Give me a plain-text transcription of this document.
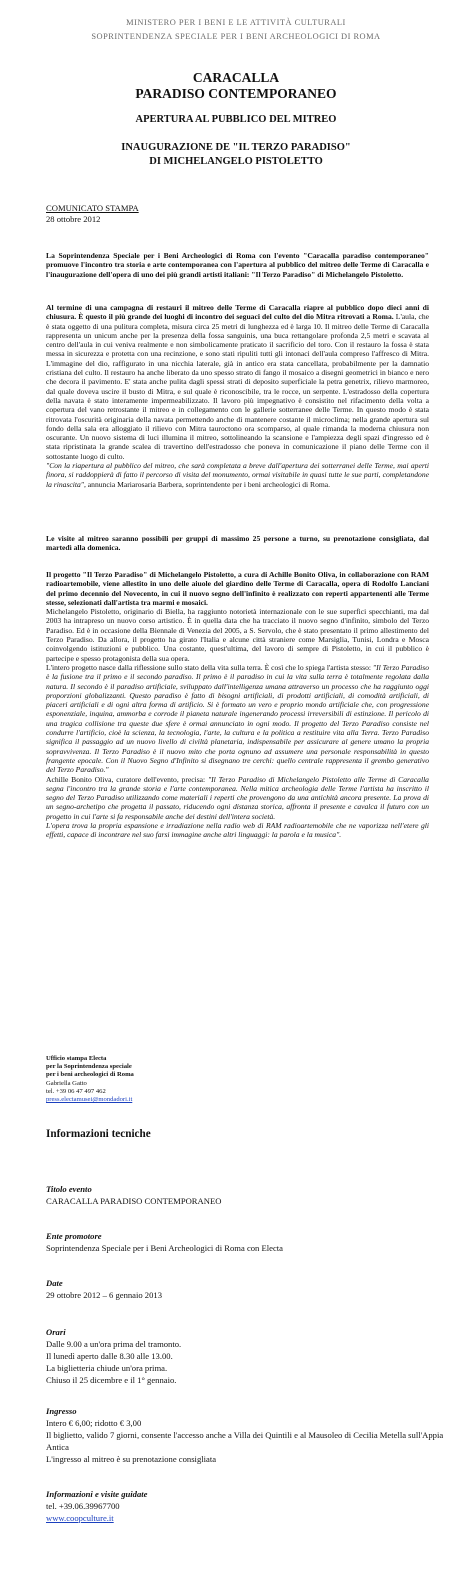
MINISTERO PER I BENI E LE ATTIVITÀ CULTURALI
SOPRINTENDENZA SPECIALE PER I BENI ARCHEOLOGICI DI ROMA
CARACALLA
PARADISO CONTEMPORANEO
APERTURA AL PUBBLICO DEL MITREO
INAUGURAZIONE DE "IL TERZO PARADISO"
DI MICHELANGELO PISTOLETTO
COMUNICATO STAMPA
28 ottobre 2012

La Soprintendenza Speciale per i Beni Archeologici di Roma con l'evento "Caracalla paradiso contemporaneo" promuove l'incontro tra storia e arte contemporanea con l'apertura al pubblico del mitreo delle Terme di Caracalla e l'inaugurazione dell'opera di uno dei più grandi artisti italiani: "Il Terzo Paradiso" di Michelangelo Pistoletto.

Al termine di una campagna di restauri il mitreo delle Terme di Caracalla riapre al pubblico dopo dieci anni di chiusura. È questo il più grande dei luoghi di incontro dei seguaci del culto del dio Mitra ritrovati a Roma. L'aula, che è stata oggetto di una pulitura completa, misura circa 25 metri di lunghezza ed è larga 10. Il mitreo delle Terme di Caracalla rappresenta un unicum anche per la presenza della fossa sanguinis, una buca rettangolare profonda 2,5 metri e scavata al centro dell'aula in cui veniva realmente e non simbolicamente praticato il sacrificio del toro. Con il restauro la fossa è stata messa in sicurezza e protetta con una recinzione, e sono stati ripuliti tutti gli intonaci dell'aula compreso l'affresco di Mitra. L'immagine del dio, raffigurato in una nicchia laterale, già in antico era stata cancellata, probabilmente per la damnatio cristiana del culto. Il restauro ha anche liberato da uno spesso strato di fango il mosaico a disegni geometrici in bianco e nero che decora il pavimento. E' stata anche pulita dagli spessi strati di deposito superficiale la petra genetrix, rilievo marmoreo, dal quale doveva uscire il busto di Mitra, e sul quale è riconoscibile, tra le rocce, un serpente. L'estradosso della copertura della navata è stato interamente impermeabilizzato. Il lavoro più impegnativo è consistito nel rifacimento della volta a copertura del vano retrostante il mitreo e in collegamento con le gallerie sotterranee delle Terme. In questo modo è stata ritrovata l'oscurità originaria della navata permettendo anche di mantenere costante il microclima; nella grande apertura sul fondo della sala era alloggiato il rilievo con Mitra tauroctono ora scomparso, al quale rimanda la moderna chiusura non oscurante. Un nuovo sistema di luci illumina il mitreo, sottolineando la scansione e l'ampiezza degli spazi d'ingresso ed è stata ripristinata la grande scalea di travertino dell'estradosso che poneva in comunicazione il piano delle Terme con il sottostante luogo di culto.

"Con la riapertura al pubblico del mitreo, che sarà completata a breve dall'apertura dei sotterranei delle Terme, mai aperti finora, si raddoppierà di fatto il percorso di visita del monumento, ormai visitabile in quasi tutte le sue parti, completandone la rinascita", annuncia Mariarosaria Barbera, soprintendente per i beni archeologici di Roma.

Le visite al mitreo saranno possibili per gruppi di massimo 25 persone a turno, su prenotazione consigliata, dal martedì alla domenica.

Il progetto "Il Terzo Paradiso" di Michelangelo Pistoletto, a cura di Achille Bonito Oliva, in collaborazione con RAM radioartemobile, viene allestito in uno delle aiuole del giardino delle Terme di Caracalla, opera di Rodolfo Lanciani del primo decennio del Novecento, in cui il nuovo segno dell'infinito è realizzato con reperti appartenenti alle Terme stesse, selezionati dall'artista tra marmi e mosaici.

Michelangelo Pistoletto, originario di Biella, ha raggiunto notorietà internazionale con le sue superfici specchianti, ma dal 2003 ha intrapreso un nuovo corso artistico. È in quella data che ha tracciato il nuovo segno d'infinito, simbolo del Terzo Paradiso. Ed è in occasione della Biennale di Venezia del 2005, a S. Servolo, che è stato presentato il primo allestimento del Terzo Paradiso. Da allora, il progetto ha girato l'Italia e alcune città straniere come Marsiglia, Tunisi, Londra e Mosca coinvolgendo istituzioni e pubblico. Una costante, quest'ultima, del lavoro di sempre di Pistoletto, in cui il pubblico è partecipe e spesso protagonista della sua opera.

L'intero progetto nasce dalla riflessione sullo stato della vita sulla terra. È così che lo spiega l'artista stesso: "Il Terzo Paradiso è la fusione tra il primo e il secondo paradiso. Il primo è il paradiso in cui la vita sulla terra è totalmente regolata dalla natura. Il secondo è il paradiso artificiale, sviluppato dall'intelligenza umana attraverso un processo che ha raggiunto oggi proporzioni globalizzanti. Questo paradiso è fatto di bisogni artificiali, di prodotti artificiali, di comodità artificiali, di piaceri artificiali e di ogni altra forma di artificio. Si è formato un vero e proprio mondo artificiale che, con progressione esponenziale, inquina, ammorba e corrode il pianeta naturale ingenerando processi irreversibili di estinzione. Il pericolo di una tragica collisione tra queste due sfere è ormai annunciato in ogni modo. Il progetto del Terzo Paradiso consiste nel condurre l'artificio, cioè la scienza, la tecnologia, l'arte, la cultura e la politica a restituire vita alla Terra. Terzo Paradiso significa il passaggio ad un nuovo livello di civiltà planetaria, indispensabile per assicurare al genere umano la propria sopravvivenza. Il Terzo Paradiso è il nuovo mito che porta ognuno ad assumere una personale responsabilità in questo frangente epocale. Con il Nuovo Segno d'Infinito si disegnano tre cerchi: quello centrale rappresenta il grembo generativo del Terzo Paradiso."

Achille Bonito Oliva, curatore dell'evento, precisa: "Il Terzo Paradiso di Michelangelo Pistoletto alle Terme di Caracalla segna l'incontro tra la grande storia e l'arte contemporanea. Nella mitica archeologia delle Terme l'artista ha inscritto il segno del Terzo Paradiso utilizzando come materiali i reperti che provengono da una antichità ancora presente. La prova di un segno-archetipo che progetta il passato, riducendo ogni distanza storica, affronta il presente e cavalca il futuro con un progetto in cui l'arte si fa responsabile anche dei destini dell'intera società.

L'opera trova la propria espansione e irradiazione nella radio web di RAM radioartemobile che ne vaporizza nell'etere gli effetti, capace di incontrare nel suo farsi immagine anche altri linguaggi: la parola e la musica".

Ufficio stampa Electa
per la Soprintendenza speciale
per i beni archeologici di Roma
Gabriella Gatto
tel. +39 06 47 497 462
press.electamusei@mondadori.it
Informazioni tecniche
Titolo evento
CARACALLA PARADISO CONTEMPORANEO
Ente promotore
Soprintendenza Speciale per i Beni Archeologici di Roma con Electa
Date
29 ottobre 2012 – 6 gennaio 2013
Orari
Dalle 9.00 a un'ora prima del tramonto.
Il lunedì aperto dalle 8.30 alle 13.00.
La biglietteria chiude un'ora prima.
Chiuso il 25 dicembre e il 1° gennaio.
Ingresso
Intero € 6,00; ridotto € 3,00
Il biglietto, valido 7 giorni, consente l'accesso anche a Villa dei Quintili e al Mausoleo di Cecilia Metella sull'Appia Antica
L'ingresso al mitreo è su prenotazione consigliata
Informazioni e visite guidate
tel. +39.06.39967700
www.coopculture.it
